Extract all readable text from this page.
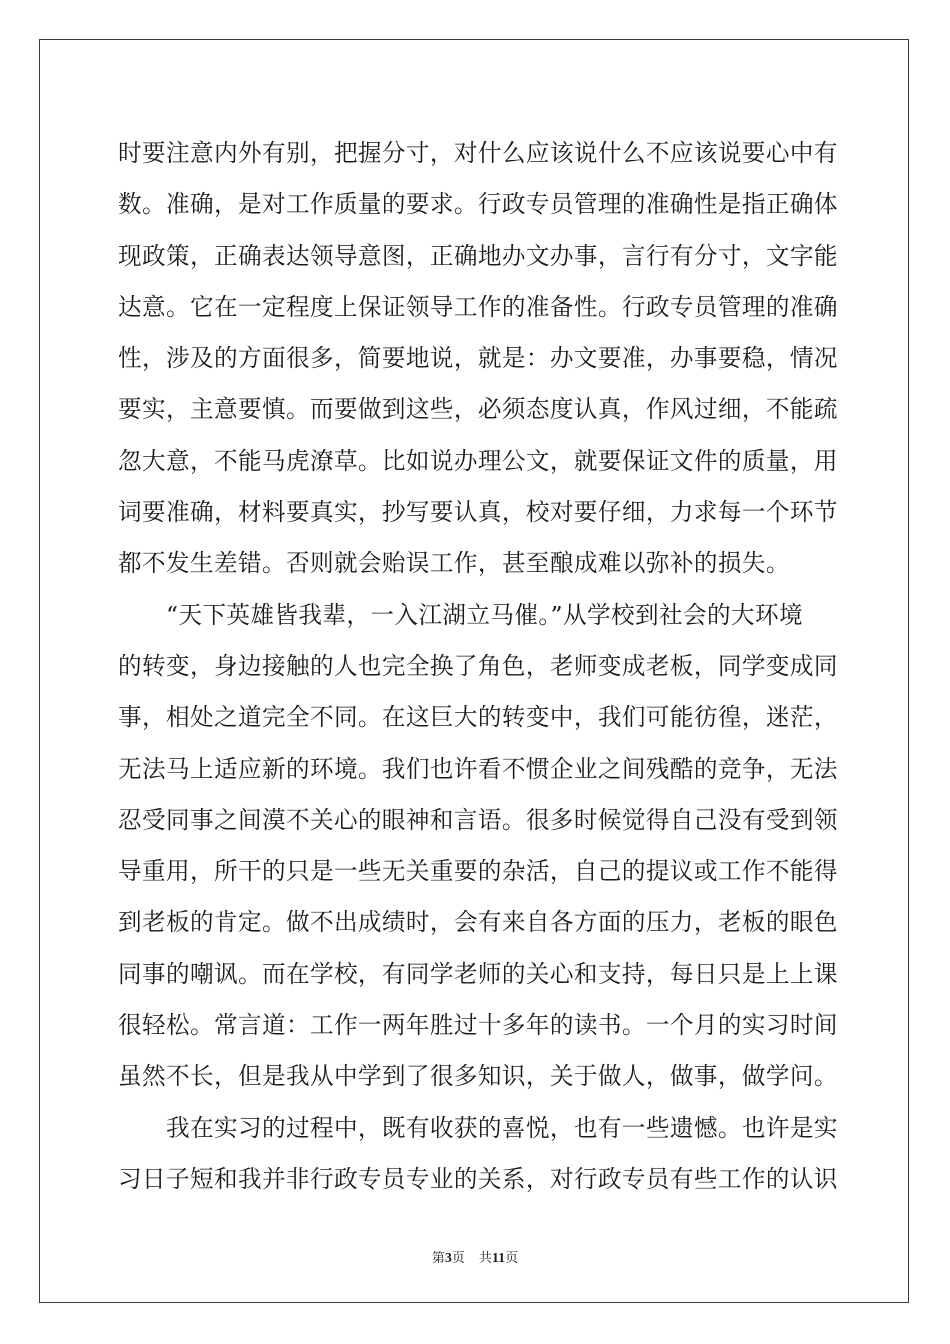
时要注意内外有别，把握分寸，对什么应该说什么不应该说要心中有
数。准确，是对工作质量的要求。行政专员管理的准确性是指正确体
现政策，正确表达领导意图，正确地办文办事，言行有分寸，文字能
达意。它在一定程度上保证领导工作的准备性。行政专员管理的准确
性，涉及的方面很多，简要地说，就是：办文要准，办事要稳，情况
要实，主意要慎。而要做到这些，必须态度认真，作风过细，不能疏
忽大意，不能马虎潦草。比如说办理公文，就要保证文件的质量，用
词要准确，材料要真实，抄写要认真，校对要仔细，力求每一个环节
都不发生差错。否则就会贻误工作，甚至酿成难以弥补的损失。
　　“天下英雄皆我辈，一入江湖立马催。”从学校到社会的大环境
的转变，身边接触的人也完全换了角色，老师变成老板，同学变成同
事，相处之道完全不同。在这巨大的转变中，我们可能彷徨，迷茫，
无法马上适应新的环境。我们也许看不惯企业之间残酷的竞争，无法
忍受同事之间漠不关心的眼神和言语。很多时候觉得自己没有受到领
导重用，所干的只是一些无关重要的杂活，自己的提议或工作不能得
到老板的肯定。做不出成绩时，会有来自各方面的压力，老板的眼色
同事的嘲讽。而在学校，有同学老师的关心和支持，每日只是上上课
很轻松。常言道：工作一两年胜过十多年的读书。一个月的实习时间
虽然不长，但是我从中学到了很多知识，关于做人，做事，做学问。
　　我在实习的过程中，既有收获的喜悦，也有一些遗憾。也许是实
习日子短和我并非行政专员专业的关系，对行政专员有些工作的认识
第3页 共11页
